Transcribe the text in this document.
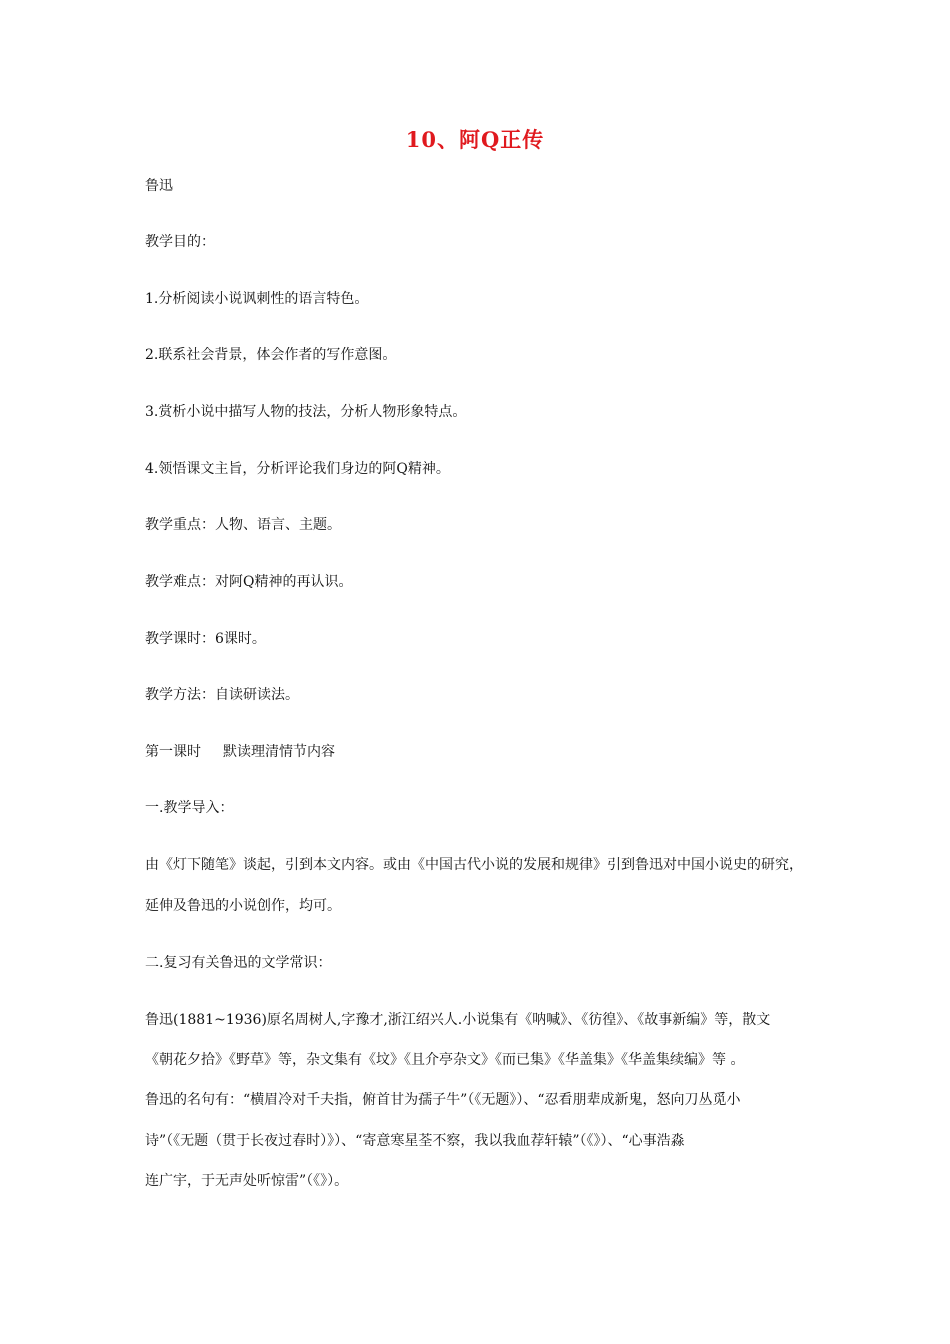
10、阿Q正传
鲁迅
教学目的：
1.分析阅读小说讽刺性的语言特色。
2.联系社会背景，体会作者的写作意图。
3.赏析小说中描写人物的技法，分析人物形象特点。
4.领悟课文主旨，分析评论我们身边的阿Q精神。
教学重点：人物、语言、主题。
教学难点：对阿Q精神的再认识。
教学课时：6课时。
教学方法：自读研读法。
第一课时 默读理清情节内容
一.教学导入：
由《灯下随笔》谈起，引到本文内容。或由《中国古代小说的发展和规律》引到鲁迅对中国小说史的研究，
延伸及鲁迅的小说创作，均可。
二.复习有关鲁迅的文学常识：
鲁迅(1881~1936)原名周树人,字豫才,浙江绍兴人.小说集有《呐喊》、《彷徨》、《故事新编》等，散文
《朝花夕拾》《野草》等，杂文集有《坟》《且介亭杂文》《而已集》《华盖集》《华盖集续编》等 。
鲁迅的名句有：“横眉冷对千夫指，俯首甘为孺子牛”（《无题》）、“忍看朋辈成新鬼，怒向刀丛觅小
诗”（《无题（贯于长夜过春时）》）、“寄意寒星荃不察，我以我血荐轩辕”（《》）、“心事浩淼
连广宇，于无声处听惊雷”（《》）。
